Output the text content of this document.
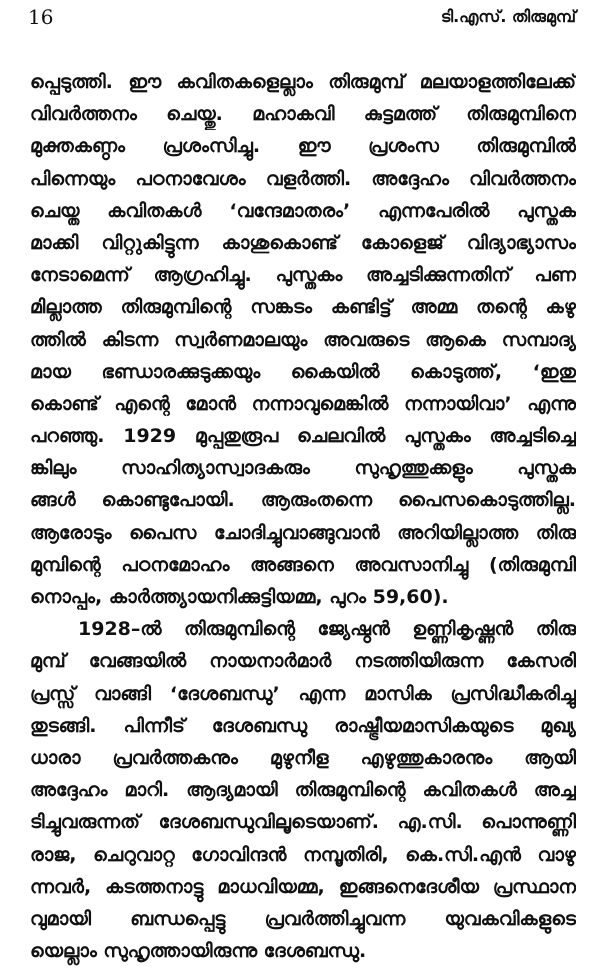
16	ടി.എസ്. തിരുമുമ്പ്
പ്പെടുത്തി. ഈ കവിതകളെല്ലാം തിരുമുമ്പ് മലയാളത്തിലേക്ക്
വിവർത്തനം ചെയ്തു. മഹാകവി കുട്ടമത്ത് തിരുമുമ്പിനെ
മുക്തകണ്ഠം പ്രശംസിച്ചു. ഈ പ്രശംസ തിരുമുമ്പിൽ
പിന്നെയും പഠനാവേശം വളർത്തി. അദ്ദേഹം വിവർത്തനം
ചെയ്ത കവിതകൾ ‘വന്ദേമാതരം’ എന്നപേരിൽ പുസ്തക
മാക്കി വിറ്റുകിട്ടുന്ന കാശുകൊണ്ട് കോളെജ് വിദ്യാഭ്യാസം
നേടാമെന്ന് ആഗ്രഹിച്ചു. പുസ്തകം അച്ചടിക്കുന്നതിന് പണ
മില്ലാത്ത തിരുമുമ്പിന്റെ സങ്കടം കണ്ടിട്ട് അമ്മ തന്റെ കഴു
ത്തിൽ കിടന്ന സ്വർണമാലയും അവരുടെ ആകെ സമ്പാദ്യ
മായ ഭണ്ഡാരക്കുടുക്കയും കൈയിൽ കൊടുത്ത്, ‘ഇതു
കൊണ്ട് എന്റെ മോൻ നന്നാവുമെങ്കിൽ നന്നായിവാ’ എന്നു
പറഞ്ഞു. 1929 മുപ്പതുരൂപ ചെലവിൽ പുസ്തകം അച്ചടിച്ചെ
ങ്കിലും സാഹിത്യാസ്വാദകരും സുഹൃത്തുക്കളും പുസ്തക
ങ്ങൾ കൊണ്ടുപോയി. ആരുംതന്നെ പൈസകൊടുത്തില്ല.
ആരോടും പൈസ ചോദിച്ചുവാങ്ങുവാൻ അറിയില്ലാത്ത തിരു
മുമ്പിന്റെ പഠനമോഹം അങ്ങനെ അവസാനിച്ചു (തിരുമുമ്പി
നൊപ്പം, കാർത്ത്യായനിക്കുട്ടിയമ്മ, പുറം 59,60).
1928–ൽ തിരുമുമ്പിന്റെ ജ്യേഷ്ഠൻ ഉണ്ണികൃഷ്ണൻ തിരു
മുമ്പ് വേങ്ങയിൽ നായനാർമാർ നടത്തിയിരുന്ന കേസരി
പ്രസ്സ് വാങ്ങി ‘ദേശബന്ധു’ എന്ന മാസിക പ്രസിദ്ധീകരിച്ചു
തുടങ്ങി. പിന്നീട് ദേശബന്ധു രാഷ്ട്രീയമാസികയുടെ മുഖ്യ
ധാരാ പ്രവർത്തകനും മുഴുനീള എഴുത്തുകാരനും ആയി
അദ്ദേഹം മാറി. ആദ്യമായി തിരുമുമ്പിന്റെ കവിതകൾ അച്ച
ടിച്ചുവരുന്നത് ദേശബന്ധുവിലൂടെയാണ്. എ.സി. പൊന്നുണ്ണി
രാജ, ചെറുവാറ്റ ഗോവിന്ദൻ നമ്പൂതിരി, കെ.സി.എൻ വാഴു
ന്നവർ, കടത്തനാട്ടു മാധവിയമ്മ, ഇങ്ങനെദേശീയ പ്രസ്ഥാന
വുമായി ബന്ധപ്പെട്ടു പ്രവർത്തിച്ചുവന്ന യുവകവികളുടെ
യെല്ലാം സുഹൃത്തായിരുന്നു ദേശബന്ധു.
